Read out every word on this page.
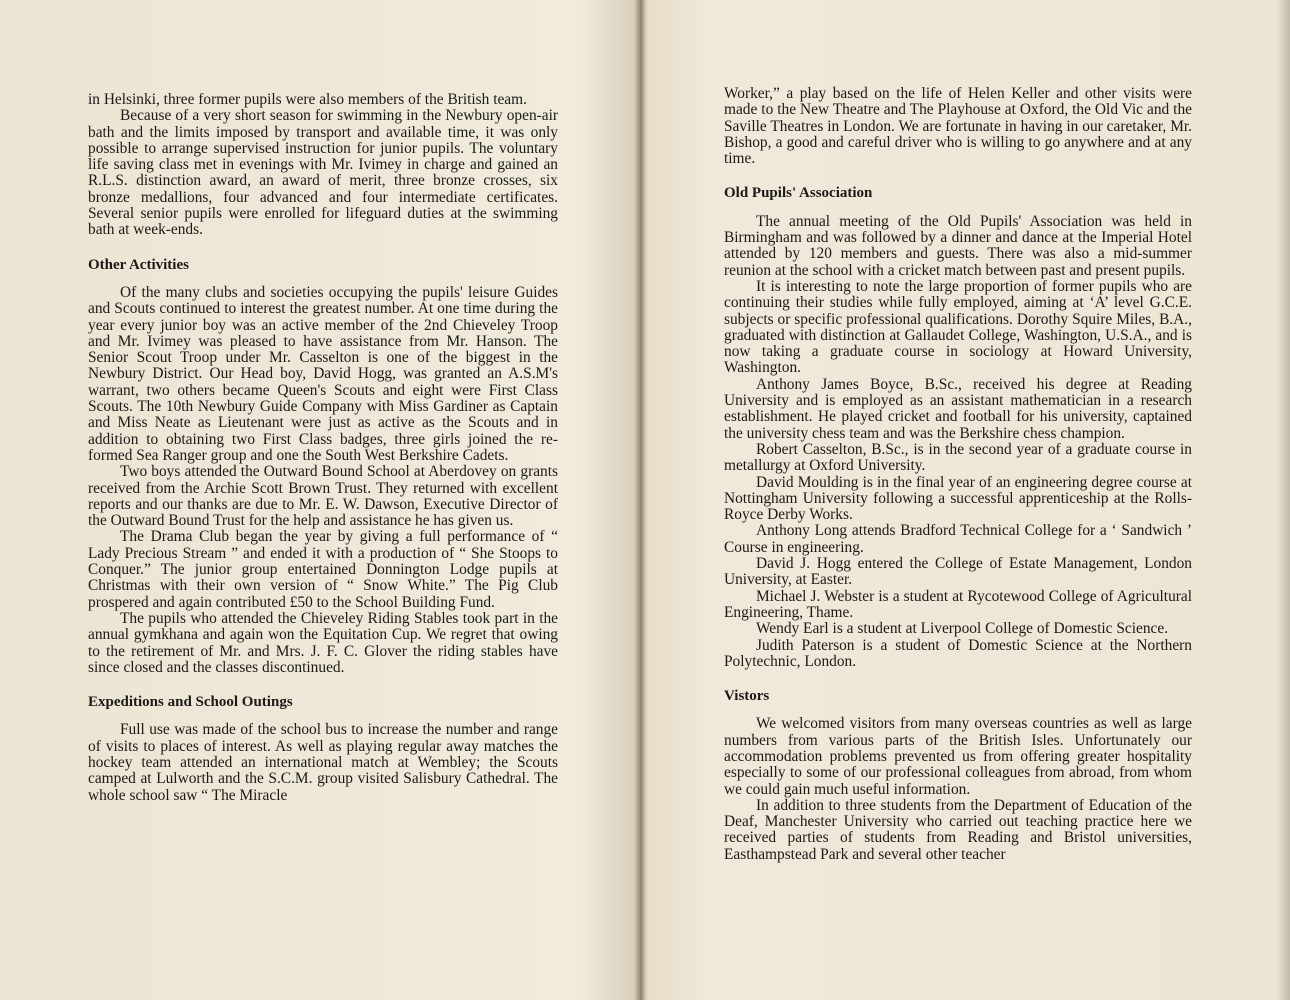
in Helsinki, three former pupils were also members of the British team.

Because of a very short season for swimming in the Newbury open-air bath and the limits imposed by transport and available time, it was only possible to arrange supervised instruction for junior pupils. The voluntary life saving class met in evenings with Mr. Ivimey in charge and gained an R.L.S. distinction award, an award of merit, three bronze crosses, six bronze medallions, four advanced and four intermediate certificates. Several senior pupils were enrolled for lifeguard duties at the swimming bath at week-ends.

Other Activities

Of the many clubs and societies occupying the pupils' leisure Guides and Scouts continued to interest the greatest number. At one time during the year every junior boy was an active member of the 2nd Chieveley Troop and Mr. Ivimey was pleased to have assistance from Mr. Hanson. The Senior Scout Troop under Mr. Casselton is one of the biggest in the Newbury District. Our Head boy, David Hogg, was granted an A.S.M's warrant, two others became Queen's Scouts and eight were First Class Scouts. The 10th Newbury Guide Company with Miss Gardiner as Captain and Miss Neate as Lieutenant were just as active as the Scouts and in addition to obtaining two First Class badges, three girls joined the re-formed Sea Ranger group and one the South West Berkshire Cadets.

Two boys attended the Outward Bound School at Aberdovey on grants received from the Archie Scott Brown Trust. They returned with excellent reports and our thanks are due to Mr. E. W. Dawson, Executive Director of the Outward Bound Trust for the help and assistance he has given us.

The Drama Club began the year by giving a full performance of “ Lady Precious Stream ” and ended it with a production of “ She Stoops to Conquer.” The junior group entertained Donnington Lodge pupils at Christmas with their own version of “ Snow White.” The Pig Club prospered and again contributed £50 to the School Building Fund.

The pupils who attended the Chieveley Riding Stables took part in the annual gymkhana and again won the Equitation Cup. We regret that owing to the retirement of Mr. and Mrs. J. F. C. Glover the riding stables have since closed and the classes discontinued.

Expeditions and School Outings

Full use was made of the school bus to increase the number and range of visits to places of interest. As well as playing regular away matches the hockey team attended an international match at Wembley; the Scouts camped at Lulworth and the S.C.M. group visited Salisbury Cathedral. The whole school saw “ The Miracle

Worker,” a play based on the life of Helen Keller and other visits were made to the New Theatre and The Playhouse at Oxford, the Old Vic and the Saville Theatres in London. We are fortunate in having in our caretaker, Mr. Bishop, a good and careful driver who is willing to go anywhere and at any time.

Old Pupils' Association

The annual meeting of the Old Pupils' Association was held in Birmingham and was followed by a dinner and dance at the Imperial Hotel attended by 120 members and guests. There was also a mid-summer reunion at the school with a cricket match between past and present pupils.

It is interesting to note the large proportion of former pupils who are continuing their studies while fully employed, aiming at ‘A’ level G.C.E. subjects or specific professional qualifications. Dorothy Squire Miles, B.A., graduated with distinction at Gallaudet College, Washington, U.S.A., and is now taking a graduate course in sociology at Howard University, Washington.

Anthony James Boyce, B.Sc., received his degree at Reading University and is employed as an assistant mathematician in a research establishment. He played cricket and football for his university, captained the university chess team and was the Berkshire chess champion.

Robert Casselton, B.Sc., is in the second year of a graduate course in metallurgy at Oxford University.

David Moulding is in the final year of an engineering degree course at Nottingham University following a successful apprenticeship at the Rolls-Royce Derby Works.

Anthony Long attends Bradford Technical College for a ‘ Sandwich ’ Course in engineering.

David J. Hogg entered the College of Estate Management, London University, at Easter.

Michael J. Webster is a student at Rycotewood College of Agricultural Engineering, Thame.

Wendy Earl is a student at Liverpool College of Domestic Science.

Judith Paterson is a student of Domestic Science at the Northern Polytechnic, London.

Vistors

We welcomed visitors from many overseas countries as well as large numbers from various parts of the British Isles. Unfortunately our accommodation problems prevented us from offering greater hospitality especially to some of our professional colleagues from abroad, from whom we could gain much useful information.

In addition to three students from the Department of Education of the Deaf, Manchester University who carried out teaching practice here we received parties of students from Reading and Bristol universities, Easthampstead Park and several other teacher
